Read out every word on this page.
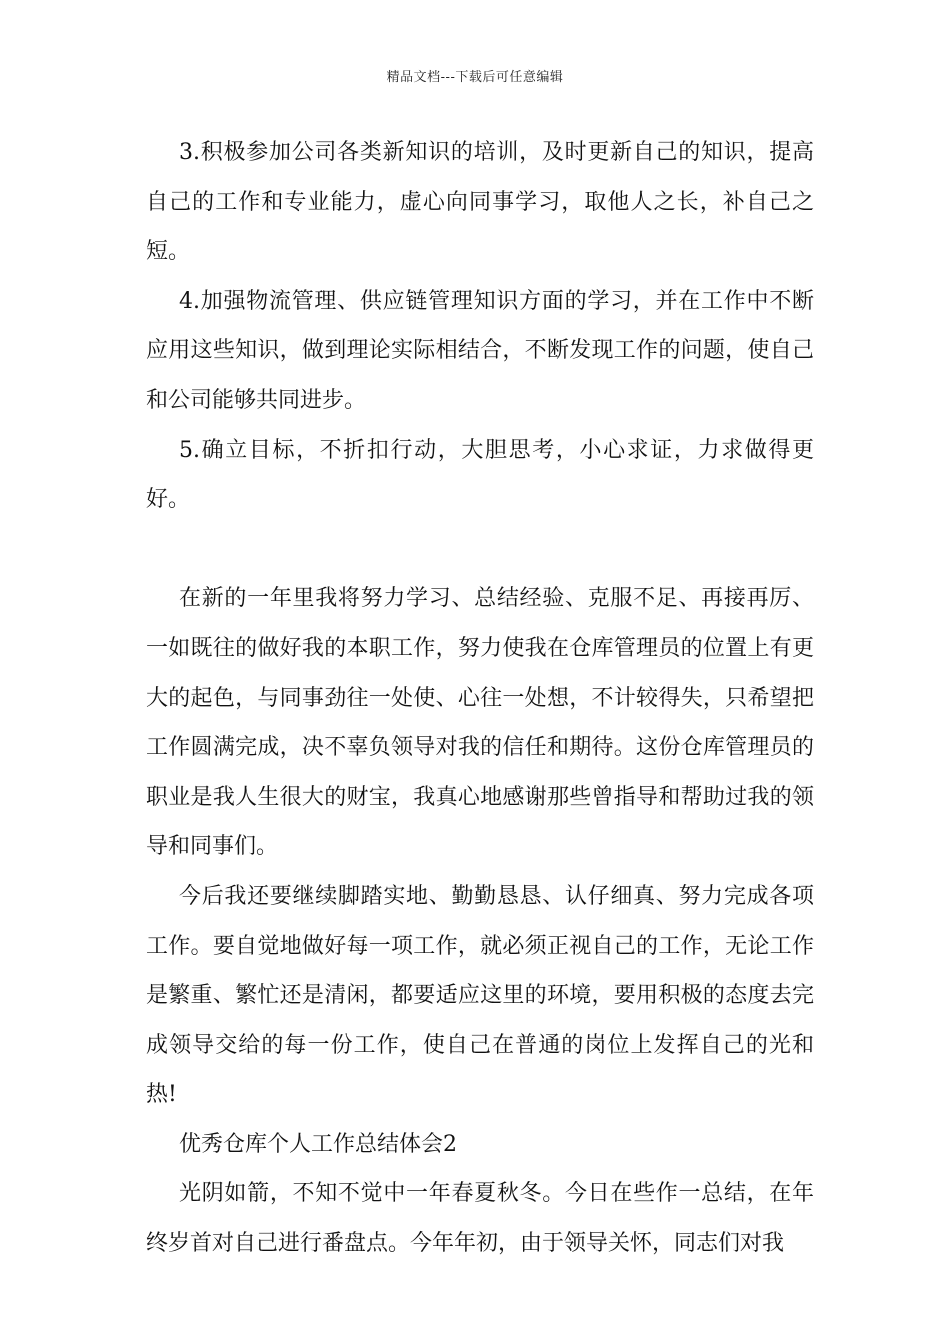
精品文档---下载后可任意编辑

3.积极参加公司各类新知识的培训，及时更新自己的知识，提高自己的工作和专业能力，虚心向同事学习，取他人之长，补自己之短。

4.加强物流管理、供应链管理知识方面的学习，并在工作中不断应用这些知识，做到理论实际相结合，不断发现工作的问题，使自己和公司能够共同进步。

5.确立目标，不折扣行动，大胆思考，小心求证，力求做得更好。

在新的一年里我将努力学习、总结经验、克服不足、再接再厉、一如既往的做好我的本职工作，努力使我在仓库管理员的位置上有更大的起色，与同事劲往一处使、心往一处想，不计较得失，只希望把工作圆满完成，决不辜负领导对我的信任和期待。这份仓库管理员的职业是我人生很大的财宝，我真心地感谢那些曾指导和帮助过我的领导和同事们。

今后我还要继续脚踏实地、勤勤恳恳、认仔细真、努力完成各项工作。要自觉地做好每一项工作，就必须正视自己的工作，无论工作是繁重、繁忙还是清闲，都要适应这里的环境，要用积极的态度去完成领导交给的每一份工作，使自己在普通的岗位上发挥自己的光和热!

优秀仓库个人工作总结体会2

光阴如箭，不知不觉中一年春夏秋冬。今日在些作一总结，在年终岁首对自己进行番盘点。今年年初，由于领导关怀，同志们对我
